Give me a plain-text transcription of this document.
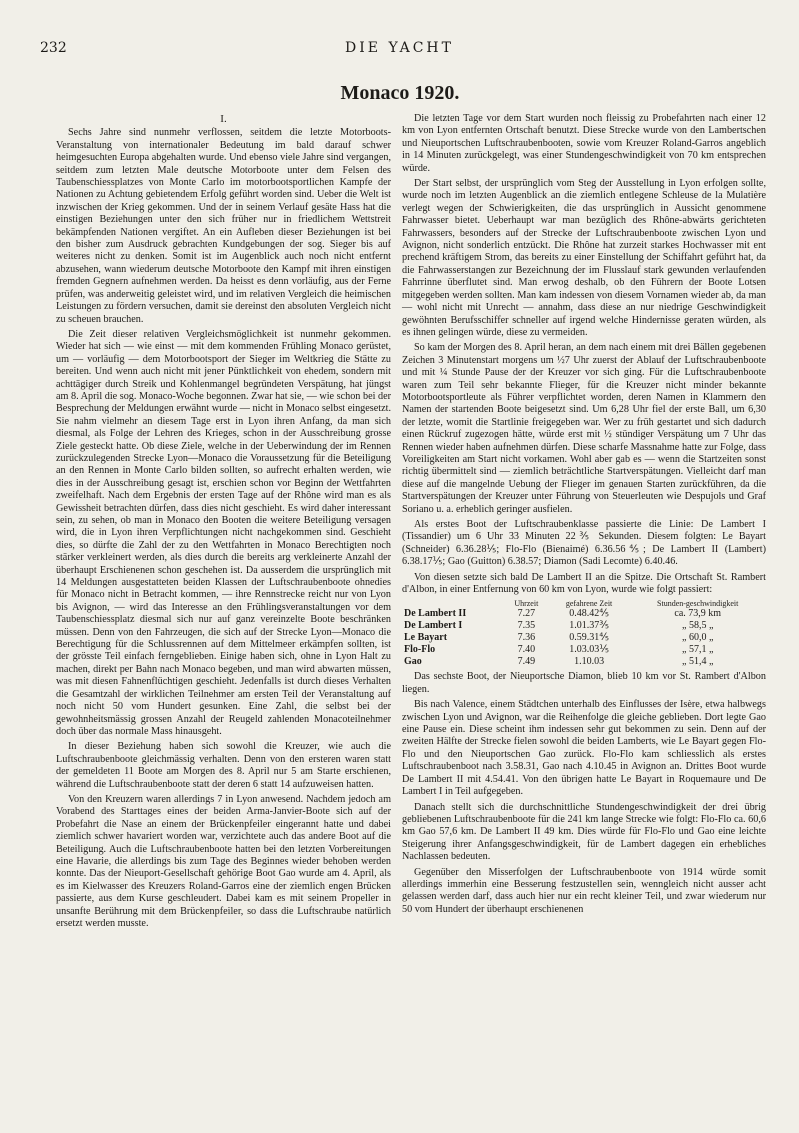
232	DIE YACHT
Monaco 1920.
I.

Sechs Jahre sind nunmehr verflossen, seitdem die letzte Motorboots-Veranstaltung von internationaler Bedeutung im bald darauf schwer heimgesuchten Europa abgehalten wurde. Und ebenso viele Jahre sind vergangen, seitdem zum letzten Male deutsche Motorboote unter dem Felsen des Taubenschiessplatzes von Monte Carlo im motorbootsportlichen Kampfe der Nationen zu Achtung gebietendem Erfolg geführt worden sind. Ueber die Welt ist inzwischen der Krieg gekommen. Und der in seinem Verlauf gesäte Hass hat die einstigen Beziehungen unter den sich früher nur in friedlichem Wettstreit bekämpfenden Nationen vergiftet. An ein Aufleben dieser Beziehungen ist bei den bisher zum Ausdruck gebrachten Kundgebungen der sog. Sieger bis auf weiteres nicht zu denken. Somit ist im Augenblick auch noch nicht entfernt abzusehen, wann wiederum deutsche Motorboote den Kampf mit ihren einstigen fremden Gegnern aufnehmen werden. Da heisst es denn vorläufig, aus der Ferne prüfen, was anderweitig geleistet wird, und im relativen Vergleich die heimischen Leistungen zu fördern versuchen, damit sie dereinst den absoluten Vergleich nicht zu scheuen brauchen.

Die Zeit dieser relativen Vergleichsmöglichkeit ist nunmehr gekommen. Wieder hat sich — wie einst — mit dem kommenden Frühling Monaco gerüstet, um — vorläufig — dem Motorbootsport der Sieger im Weltkrieg die Stätte zu bereiten. Und wenn auch nicht mit jener Pünktlichkeit von ehedem, sondern mit achttägiger durch Streik und Kohlenmangel begründeten Verspätung, hat jüngst am 8. April die sog. Monaco-Woche begonnen. Zwar hat sie, — wie schon bei der Besprechung der Meldungen erwähnt wurde — nicht in Monaco selbst eingesetzt. Sie nahm vielmehr an diesem Tage erst in Lyon ihren Anfang, da man sich diesmal, als Folge der Lehren des Krieges, schon in der Ausschreibung grosse Ziele gesteckt hatte. Ob diese Ziele, welche in der Ueberwindung der im Rennen zurückzulegenden Strecke Lyon—Monaco die Voraussetzung für die Beteiligung an den Rennen in Monte Carlo bilden sollten, so aufrecht erhalten werden, wie dies in der Ausschreibung gesagt ist, erschien schon vor Beginn der Wettfahrten zweifelhaft. Nach dem Ergebnis der ersten Tage auf der Rhône wird man es als Gewissheit betrachten dürfen, dass dies nicht geschieht. Es wird daher interessant sein, zu sehen, ob man in Monaco den Booten die weitere Beteiligung versagen wird, die in Lyon ihren Verpflichtungen nicht nachgekommen sind. Geschieht dies, so dürfte die Zahl der zu den Wettfahrten in Monaco Berechtigten noch stärker verkleinert werden, als dies durch die bereits arg verkleinerte Anzahl der überhaupt Erschienenen schon geschehen ist. Da ausserdem die ursprünglich mit 14 Meldungen ausgestatteten beiden Klassen der Luftschraubenboote ohnedies für Monaco nicht in Betracht kommen, — ihre Rennstrecke reicht nur von Lyon bis Avignon, — wird das Interesse an den Frühlingsveranstaltungen vor dem Taubenschiessplatz diesmal sich nur auf ganz vereinzelte Boote beschränken müssen. Denn von den Fahrzeugen, die sich auf der Strecke Lyon—Monaco die Berechtigung für die Schlussrennen auf dem Mittelmeer erkämpfen sollten, ist der grösste Teil einfach ferngeblieben. Einige haben sich, ohne in Lyon Halt zu machen, direkt per Bahn nach Monaco begeben, und man wird abwarten müssen, was mit diesen Fahnenflüchtigen geschieht. Jedenfalls ist durch dieses Verhalten die Gesamtzahl der wirklichen Teilnehmer am ersten Teil der Veranstaltung auf noch nicht 50 vom Hundert gesunken. Eine Zahl, die selbst bei der gewohnheitsmässig grossen Anzahl der Reugeld zahlenden Monacoteilnehmer doch über das normale Mass hinausgeht.

In dieser Beziehung haben sich sowohl die Kreuzer, wie auch die Luftschraubenboote gleichmässig verhalten. Denn von den ersteren waren statt der gemeldeten 11 Boote am Morgen des 8. April nur 5 am Starte erschienen, während die Luftschraubenboote statt der deren 6 statt 14 aufzuweisen hatten.

Von den Kreuzern waren allerdings 7 in Lyon anwesend. Nachdem jedoch am Vorabend des Starttages eines der beiden Arma-Janvier-Boote sich auf der Probefahrt die Nase an einem der Brückenpfeiler eingerannt hatte und dabei ziemlich schwer havariert worden war, verzichtete auch das andere Boot auf die Beteiligung. Auch die Luftschraubenboote hatten bei den letzten Vorbereitungen eine Havarie, die allerdings bis zum Tage des Beginnes wieder behoben werden konnte. Das der Nieuport-Gesellschaft gehörige Boot Gao wurde am 4. April, als es im Kielwasser des Kreuzers Roland-Garros eine der ziemlich engen Brücken passierte, aus dem Kurse geschleudert. Dabei kam es mit seinem Propeller in unsanfte Berührung mit dem Brückenpfeiler, so dass die Luftschraube natürlich ersetzt werden musste.

Die letzten Tage vor dem Start wurden noch fleissig zu Probefahrten nach einer 12 km von Lyon entfernten Ortschaft benutzt. Diese Strecke wurde von den Lambertschen und Nieuportschen Luftschraubenbooten, sowie vom Kreuzer Roland-Garros angeblich in 14 Minuten zurückgelegt, was einer Stundengeschwindigkeit von 70 km entsprechen würde.

Der Start selbst, der ursprünglich vom Steg der Ausstellung in Lyon erfolgen sollte, wurde noch im letzten Augenblick an die ziemlich entlegene Schleuse de la Mulatière verlegt wegen der Schwierigkeiten, die das ursprünglich in Aussicht genommene Fahrwasser bietet. Ueberhaupt war man bezüglich des Rhône-abwärts gerichteten Fahrwassers, besonders auf der Strecke der Luftschraubenboote zwischen Lyon und Avignon, nicht sonderlich entzückt. Die Rhône hat zurzeit starkes Hochwasser mit ent prechend kräftigem Strom, das bereits zu einer Einstellung der Schiffahrt geführt hat, da die Fahrwasserstangen zur Bezeichnung der im Flusslauf stark gewunden verlaufenden Fahrrinne überflutet sind. Man erwog deshalb, ob den Führern der Boote Lotsen mitgegeben werden sollten. Man kam indessen von diesem Vornamen wieder ab, da man — wohl nicht mit Unrecht — annahm, dass diese an nur niedrige Geschwindigkeit gewöhnten Berufsschiffer schneller auf irgend welche Hindernisse geraten würden, als es ihnen gelingen würde, diese zu vermeiden.

So kam der Morgen des 8. April heran, an dem nach einem mit drei Bällen gegebenen Zeichen 3 Minutenstart morgens um ½7 Uhr zuerst der Ablauf der Luftschraubenboote und mit ¼ Stunde Pause der der Kreuzer vor sich ging. Für die Luftschraubenboote waren zum Teil sehr bekannte Flieger, für die Kreuzer nicht minder bekannte Motorbootsportleute als Führer verpflichtet worden, deren Namen in Klammern den Namen der startenden Boote beigesetzt sind. Um 6,28 Uhr fiel der erste Ball, um 6,30 der letzte, womit die Startlinie freigegeben war. Wer zu früh gestartet und sich dadurch einen Rückruf zugezogen hätte, würde erst mit ½ stündiger Verspätung um 7 Uhr das Rennen wieder haben aufnehmen dürfen. Diese scharfe Massnahme hatte zur Folge, dass Voreiligkeiten am Start nicht vorkamen. Wohl aber gab es — wenn die Startzeiten sonst richtig übermittelt sind — ziemlich beträchtliche Startverspätungen. Vielleicht darf man diese auf die mangelnde Uebung der Flieger im genauen Starten zurückführen, da die Startverspätungen der Kreuzer unter Führung von Steuerleuten wie Despujols und Graf Soriano u. a. erheblich geringer ausfielen.

Als erstes Boot der Luftschraubenklasse passierte die Linie: De Lambert I (Tissandier) um 6 Uhr 33 Minuten 22⅗ Sekunden. Diesem folgten: Le Bayart (Schneider) 6.36.28⅕; Flo-Flo (Bienaimé) 6.36.56⅘; De Lambert II (Lambert) 6.38.17⅕; Gao (Guitton) 6.38.57; Diamon (Sadi Lecomte) 6.40.46.

Von diesen setzte sich bald De Lambert II an die Spitze. Die Ortschaft St. Rambert d'Albon, in einer Entfernung von 60 km von Lyon, wurde wie folgt passiert:

	Uhrzeit	gefahrene Zeit	Stunden-geschwindigkeit
De Lambert II	7.27	0.48.42⅘	ca. 73,9 km
De Lambert I	7.35	1.01.37⅗	„ 58,5 „
Le Bayart	7.36	0.59.31⅘	„ 60,0 „
Flo-Flo	7.40	1.03.03⅕	„ 57,1 „
Gao	7.49	1.10.03	„ 51,4 „

Das sechste Boot, der Nieuportsche Diamon, blieb 10 km vor St. Rambert d'Albon liegen.

Bis nach Valence, einem Städtchen unterhalb des Einflusses der Isère, etwa halbwegs zwischen Lyon und Avignon, war die Reihenfolge die gleiche geblieben. Dort legte Gao eine Pause ein. Diese scheint ihm indessen sehr gut bekommen zu sein. Denn auf der zweiten Hälfte der Strecke fielen sowohl die beiden Lamberts, wie Le Bayart gegen Flo-Flo und den Nieuportschen Gao zurück. Flo-Flo kam schliesslich als erstes Luftschraubenboot nach 3.58.31, Gao nach 4.10.45 in Avignon an. Drittes Boot wurde De Lambert II mit 4.54.41. Von den übrigen hatte Le Bayart in Roquemaure und De Lambert I in Teil aufgegeben.

Danach stellt sich die durchschnittliche Stundengeschwindigkeit der drei übrig gebliebenen Luftschraubenboote für die 241 km lange Strecke wie folgt: Flo-Flo ca. 60,6 km Gao 57,6 km. De Lambert II 49 km. Dies würde für Flo-Flo und Gao eine leichte Steigerung ihrer Anfangsgeschwindigkeit, für de Lambert dagegen ein erhebliches Nachlassen bedeuten.

Gegenüber den Misserfolgen der Luftschraubenboote von 1914 würde somit allerdings immerhin eine Besserung festzustellen sein, wenngleich nicht ausser acht gelassen werden darf, dass auch hier nur ein recht kleiner Teil, und zwar wiederum nur 50 vom Hundert der überhaupt erschienenen
